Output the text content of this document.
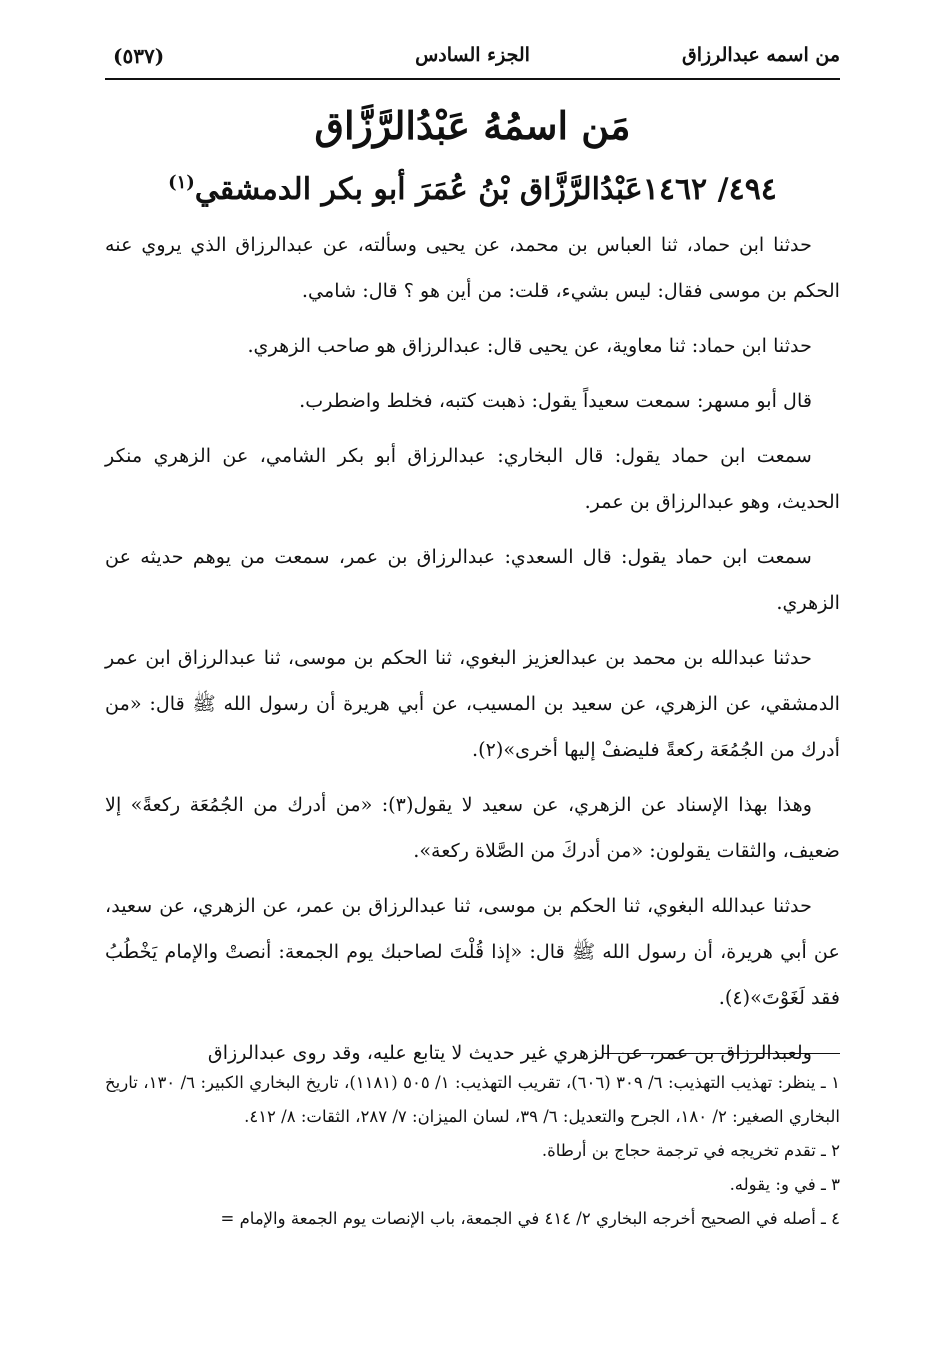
من اسمه عبدالرزاق
الجزء السادس
(٥٣٧)
مَن اسمُهُ عَبْدُالرَّزَّاق
٤٩٤/ ١٤٦٢عَبْدُالرَّزَّاق بْنُ عُمَرَ أبو بكر الدمشقي$^{(١)}$

حدثنا ابن حماد، ثنا العباس بن محمد، عن يحيى وسألته، عن عبدالرزاق الذي يروي عنه الحكم بن موسى فقال: ليس بشيء، قلت: من أين هو ؟ قال: شامي.

حدثنا ابن حماد: ثنا معاوية، عن يحيى قال: عبدالرزاق هو صاحب الزهري.

قال أبو مسهر: سمعت سعيداً يقول: ذهبت كتبه، فخلط واضطرب.

سمعت ابن حماد يقول: قال البخاري: عبدالرزاق أبو بكر الشامي، عن الزهري منكر الحديث، وهو عبدالرزاق بن عمر.

سمعت ابن حماد يقول: قال السعدي: عبدالرزاق بن عمر، سمعت من يوهم حديثه عن الزهري.

حدثنا عبدالله بن محمد بن عبدالعزيز البغوي، ثنا الحكم بن موسى، ثنا عبدالرزاق ابن عمر الدمشقي، عن الزهري، عن سعيد بن المسيب، عن أبي هريرة أن رسول الله ﷺ قال: «من أدرك من الجُمُعَة ركعةً فليضفْ إليها أخرى»(٢).

وهذا بهذا الإسناد عن الزهري، عن سعيد لا يقول(٣): «من أدرك من الجُمُعَة ركعةً» إلا ضعيف، والثقات يقولون: «من أدركَ من الصَّلاة ركعة».

حدثنا عبدالله البغوي، ثنا الحكم بن موسى، ثنا عبدالرزاق بن عمر، عن الزهري، عن سعيد، عن أبي هريرة، أن رسول الله ﷺ قال: «إذا قُلْتَ لصاحبك يوم الجمعة: أنصتْ والإمام يَخْطُبُ فقد لَغَوْتَ»(٤).

ولعبدالرزاق بن عمر، عن الزهري غير حديث لا يتابع عليه، وقد روى عبدالرزاق

١ ـ ينظر: تهذيب التهذيب: ٦/ ٣٠٩ (٦٠٦)، تقريب التهذيب: ١/ ٥٠٥ (١١٨١)، تاريخ البخاري الكبير: ٦/ ١٣٠، تاريخ البخاري الصغير: ٢/ ١٨٠، الجرح والتعديل: ٦/ ٣٩، لسان الميزان: ٧/ ٢٨٧، الثقات: ٨/ ٤١٢.

٢ ـ تقدم تخريجه في ترجمة حجاج بن أرطاة.

٣ ـ في و: يقوله.

٤ ـ أصله في الصحيح أخرجه البخاري ٢/ ٤١٤ في الجمعة، باب الإنصات يوم الجمعة والإمام =
